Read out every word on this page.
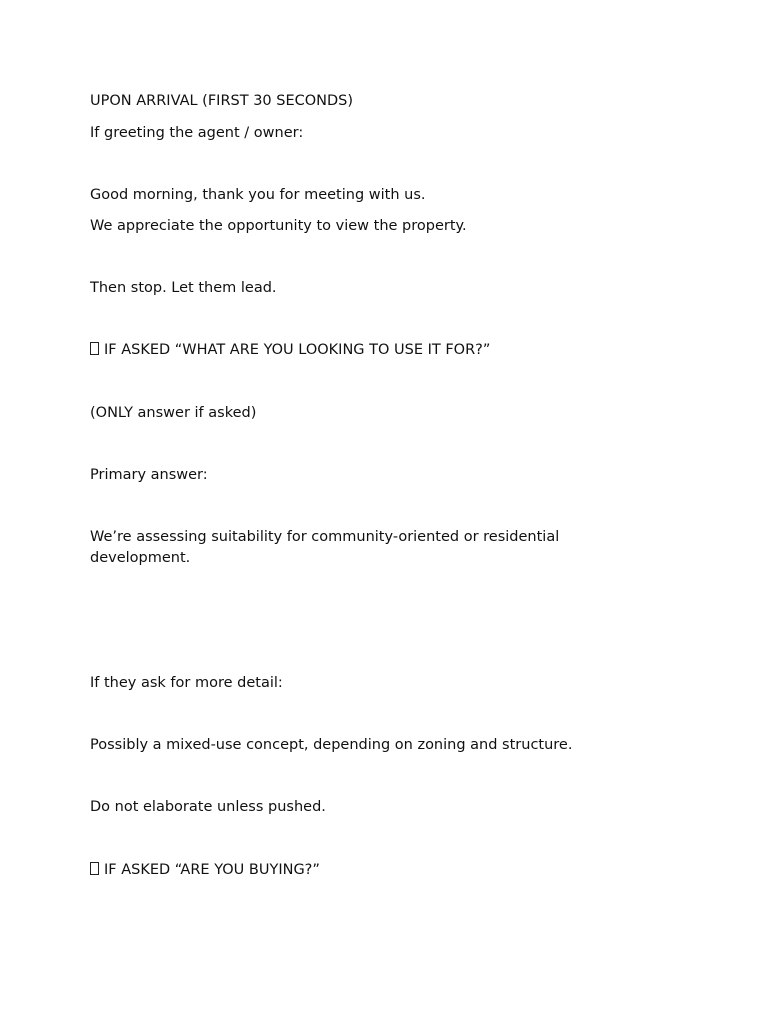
UPON ARRIVAL (FIRST 30 SECONDS)

If greeting the agent / owner:

Good morning, thank you for meeting with us.

We appreciate the opportunity to view the property.

Then stop. Let them lead.

IF ASKED “WHAT ARE YOU LOOKING TO USE IT FOR?”

(ONLY answer if asked)

Primary answer:

We’re assessing suitability for community-oriented or residential development.

If they ask for more detail:

Possibly a mixed-use concept, depending on zoning and structure.

Do not elaborate unless pushed.

IF ASKED “ARE YOU BUYING?”
